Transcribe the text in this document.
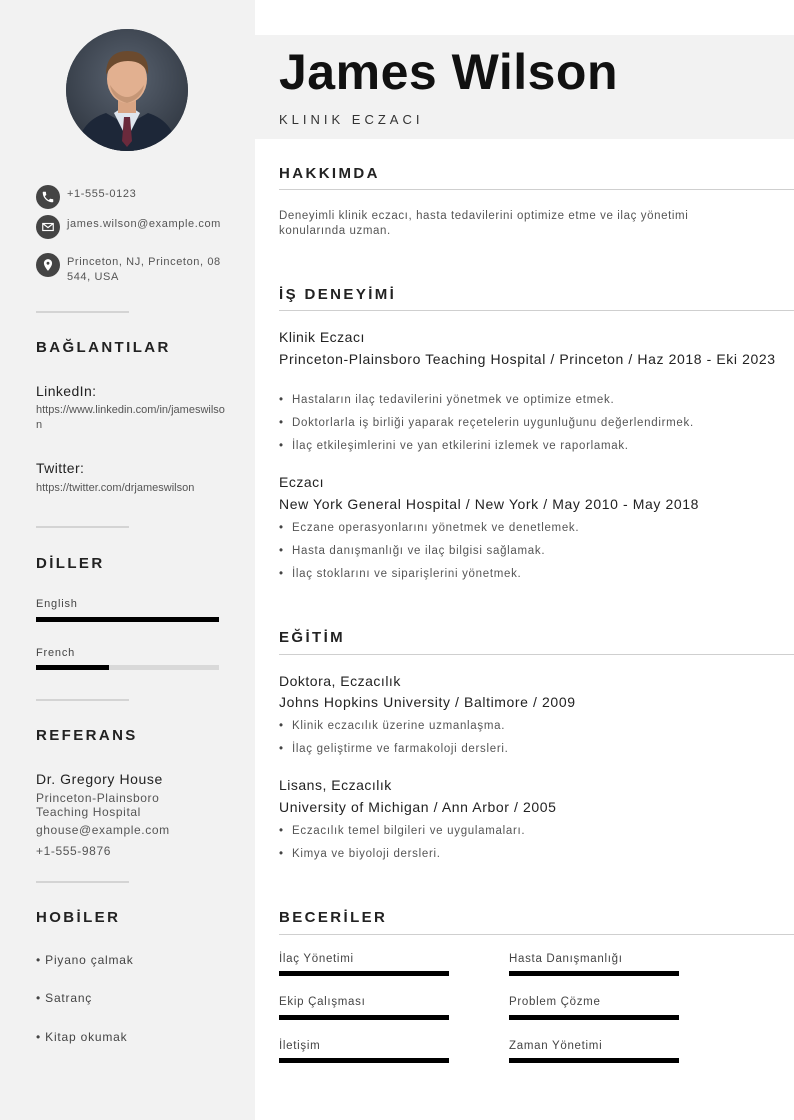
+1-555-0123
james.wilson@example.com
Princeton, NJ, Princeton, 08544, USA
BAĞLANTILAR
LinkedIn:
https://www.linkedin.com/in/jameswilson
Twitter:
https://twitter.com/drjameswilson
DİLLER
English
French
REFERANS
Dr. Gregory House
Princeton-Plainsboro Teaching Hospital
ghouse@example.com
+1-555-9876
HOBİLER
• Piyano çalmak
• Satranç
• Kitap okumak
James Wilson
KLINIK ECZACI
HAKKIMDA
Deneyimli klinik eczacı, hasta tedavilerini optimize etme ve ilaç yönetimi konularında uzman.
İŞ DENEYİMİ
Klinik Eczacı
Princeton-Plainsboro Teaching Hospital / Princeton / Haz 2018 - Eki 2023
• Hastaların ilaç tedavilerini yönetmek ve optimize etmek.
• Doktorlarla iş birliği yaparak reçetelerin uygunluğunu değerlendirmek.
• İlaç etkileşimlerini ve yan etkilerini izlemek ve raporlamak.
Eczacı
New York General Hospital / New York / May 2010 - May 2018
• Eczane operasyonlarını yönetmek ve denetlemek.
• Hasta danışmanlığı ve ilaç bilgisi sağlamak.
• İlaç stoklarını ve siparişlerini yönetmek.
EĞİTİM
Doktora, Eczacılık
Johns Hopkins University / Baltimore / 2009
• Klinik eczacılık üzerine uzmanlaşma.
• İlaç geliştirme ve farmakoloji dersleri.
Lisans, Eczacılık
University of Michigan / Ann Arbor / 2005
• Eczacılık temel bilgileri ve uygulamaları.
• Kimya ve biyoloji dersleri.
BECERİLER
İlaç Yönetimi	Hasta Danışmanlığı
Ekip Çalışması	Problem Çözme
İletişim	Zaman Yönetimi
